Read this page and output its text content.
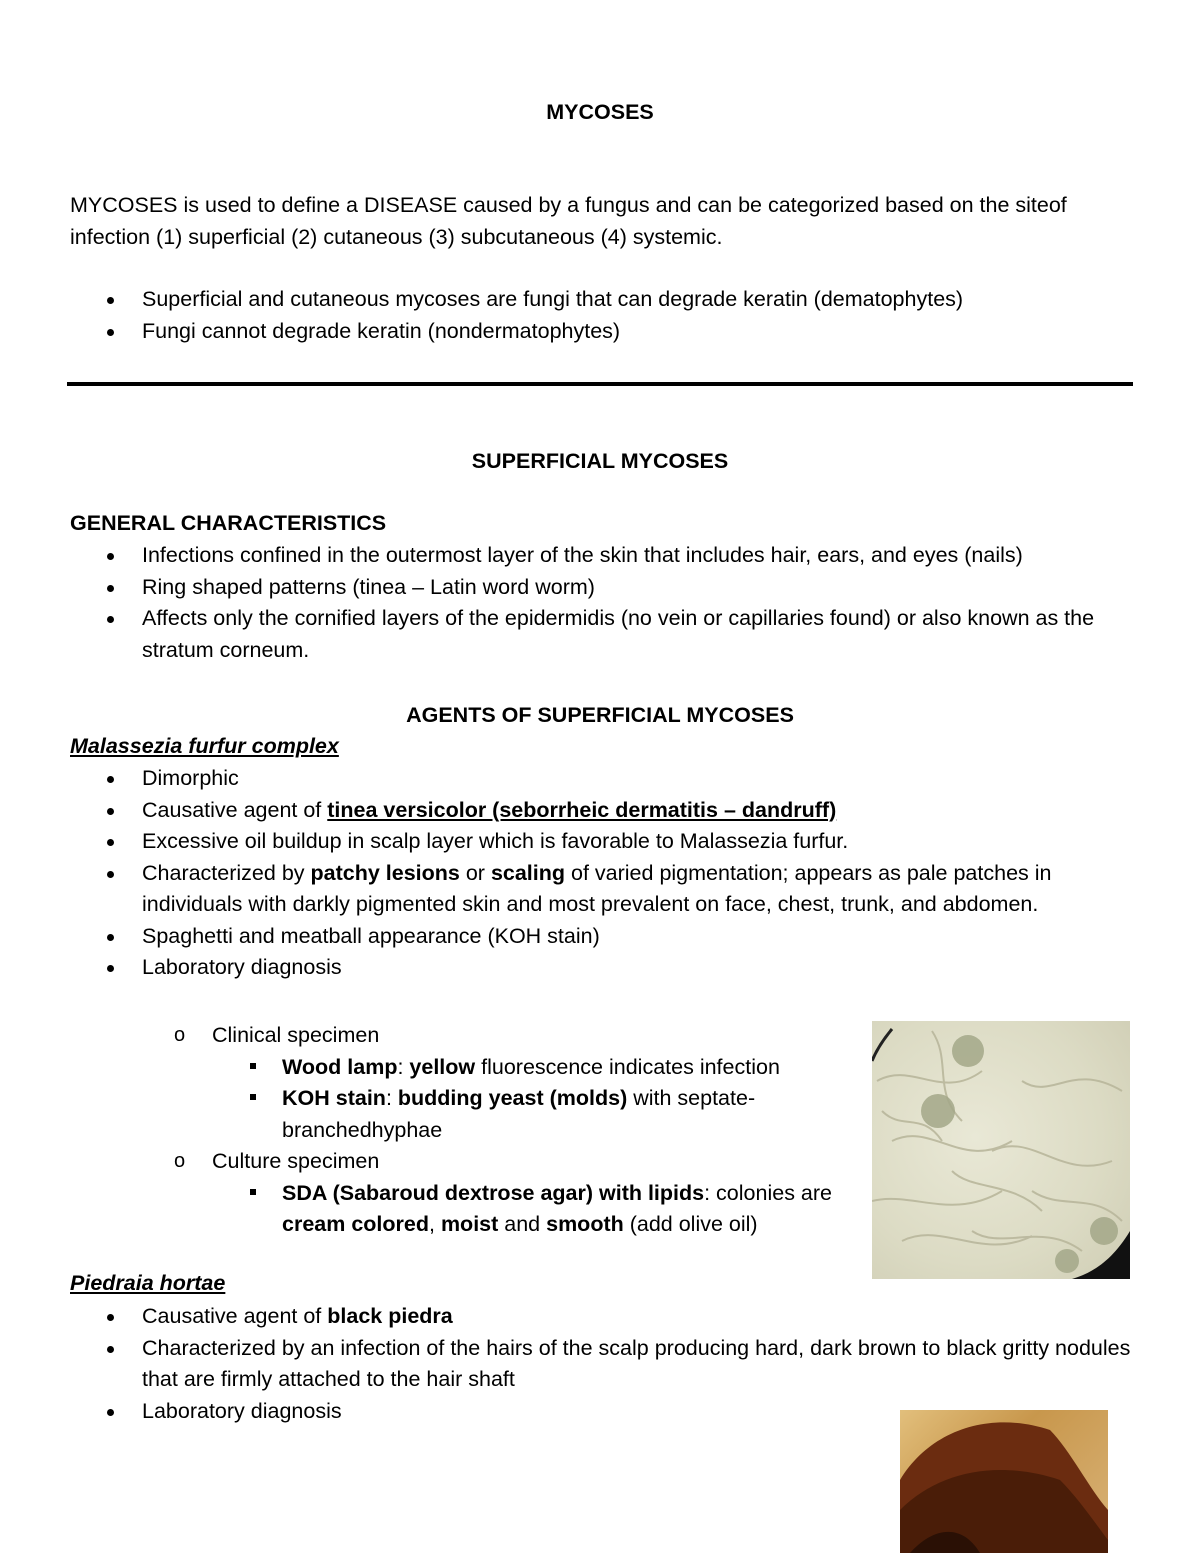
MYCOSES
MYCOSES is used to define a DISEASE caused by a fungus and can be categorized based on the siteof infection (1) superficial (2) cutaneous (3) subcutaneous (4) systemic.
Superficial and cutaneous mycoses are fungi that can degrade keratin (dematophytes)
Fungi cannot degrade keratin (nondermatophytes)
SUPERFICIAL MYCOSES
GENERAL CHARACTERISTICS
Infections confined in the outermost layer of the skin that includes hair, ears, and eyes (nails)
Ring shaped patterns (tinea – Latin word worm)
Affects only the cornified layers of the epidermidis (no vein or capillaries found) or also known as the stratum corneum.
AGENTS OF SUPERFICIAL MYCOSES
Malassezia furfur complex
Dimorphic
Causative agent of tinea versicolor (seborrheic dermatitis – dandruff)
Excessive oil buildup in scalp layer which is favorable to Malassezia furfur.
Characterized by patchy lesions or scaling of varied pigmentation; appears as pale patches in individuals with darkly pigmented skin and most prevalent on face, chest, trunk, and abdomen.
Spaghetti and meatball appearance (KOH stain)
Laboratory diagnosis
o Clinical specimen
Wood lamp: yellow fluorescence indicates infection
KOH stain: budding yeast (molds) with septate-branchedhyphae
o Culture specimen
SDA (Sabaroud dextrose agar) with lipids: colonies are cream colored, moist and smooth (add olive oil)
Piedraia hortae
Causative agent of black piedra
Characterized by an infection of the hairs of the scalp producing hard, dark brown to black gritty nodules that are firmly attached to the hair shaft
Laboratory diagnosis
